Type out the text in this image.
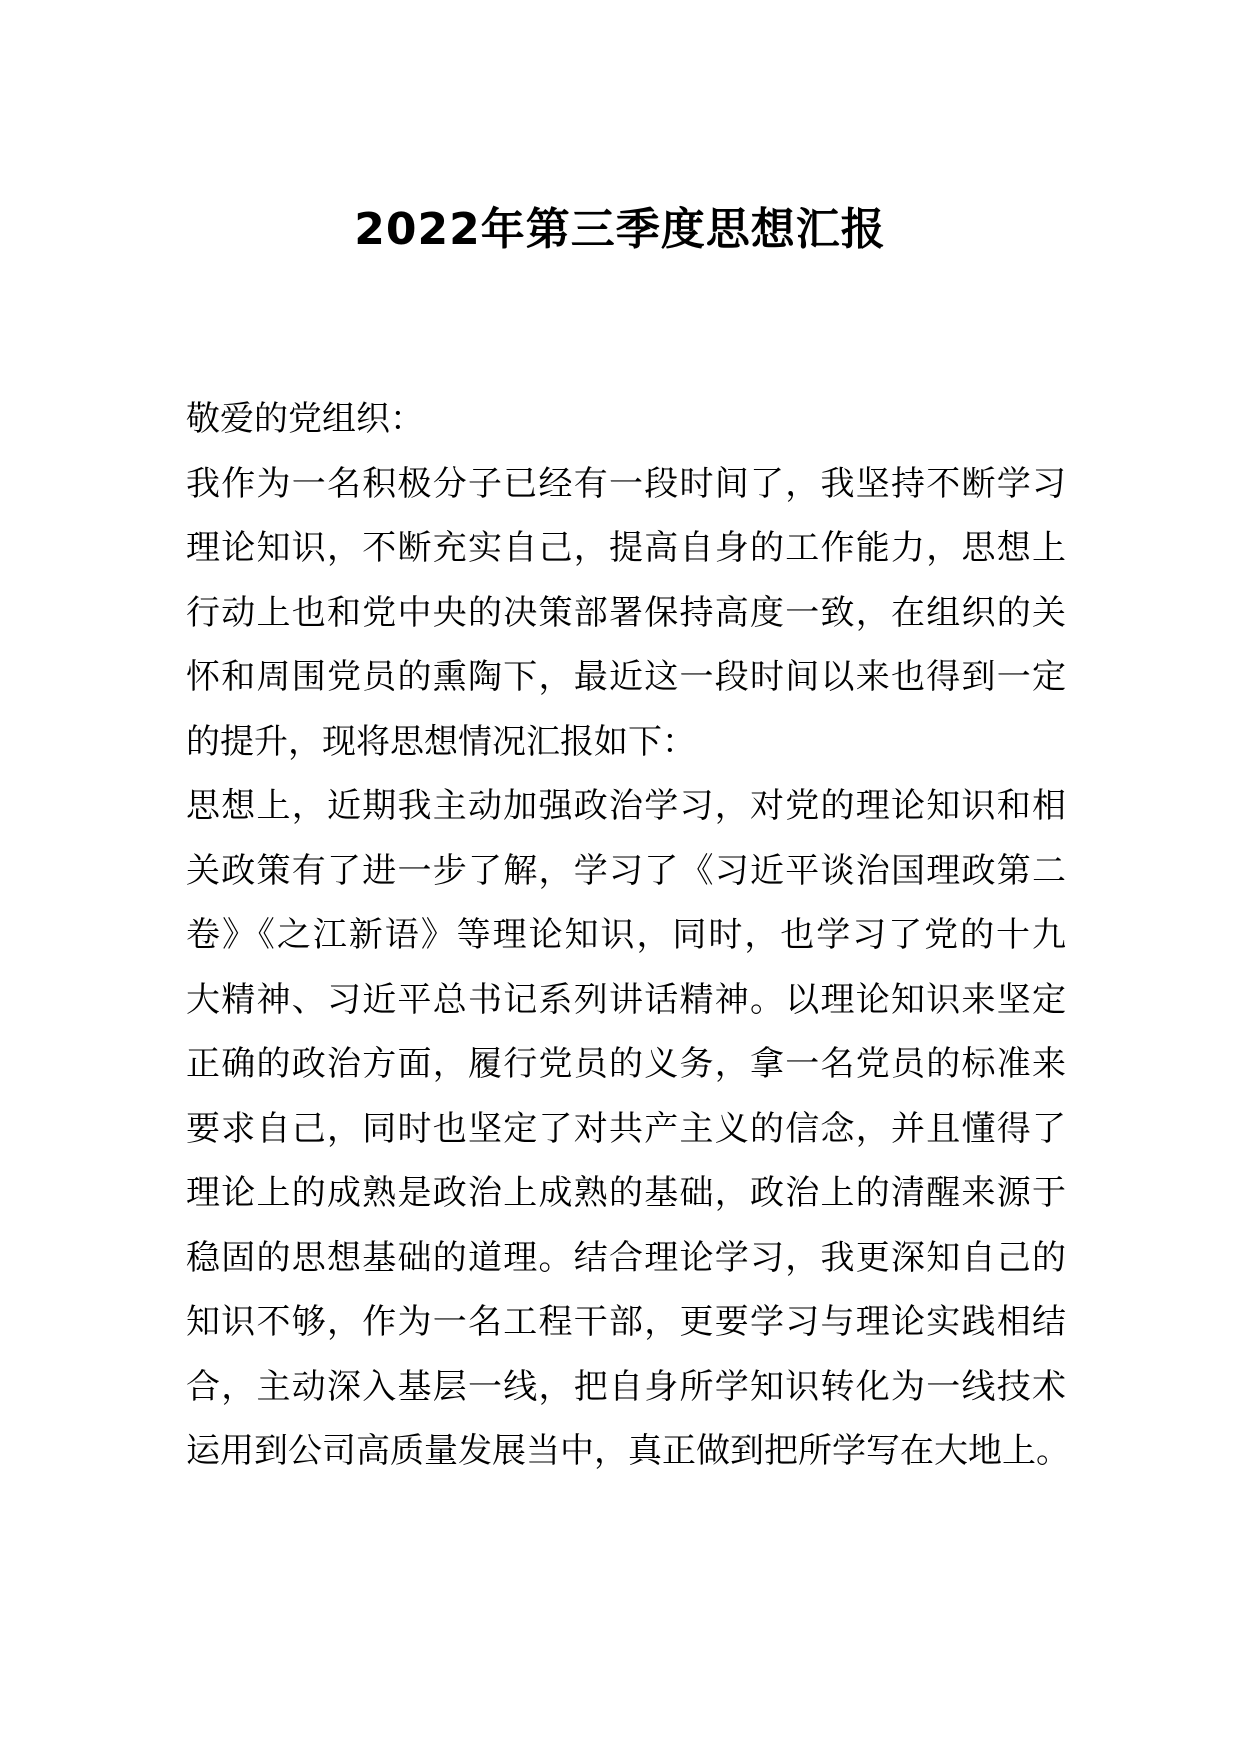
2022年第三季度思想汇报
敬爱的党组织：
我作为一名积极分子已经有一段时间了，我坚持不断学习
理论知识，不断充实自己，提高自身的工作能力，思想上
行动上也和党中央的决策部署保持高度一致，在组织的关
怀和周围党员的熏陶下，最近这一段时间以来也得到一定
的提升，现将思想情况汇报如下：
思想上，近期我主动加强政治学习，对党的理论知识和相
关政策有了进一步了解，学习了《习近平谈治国理政第二
卷》《之江新语》等理论知识，同时，也学习了党的十九
大精神、习近平总书记系列讲话精神。以理论知识来坚定
正确的政治方面，履行党员的义务，拿一名党员的标准来
要求自己，同时也坚定了对共产主义的信念，并且懂得了
理论上的成熟是政治上成熟的基础，政治上的清醒来源于
稳固的思想基础的道理。结合理论学习，我更深知自己的
知识不够，作为一名工程干部，更要学习与理论实践相结
合，主动深入基层一线，把自身所学知识转化为一线技术
运用到公司高质量发展当中，真正做到把所学写在大地上。
